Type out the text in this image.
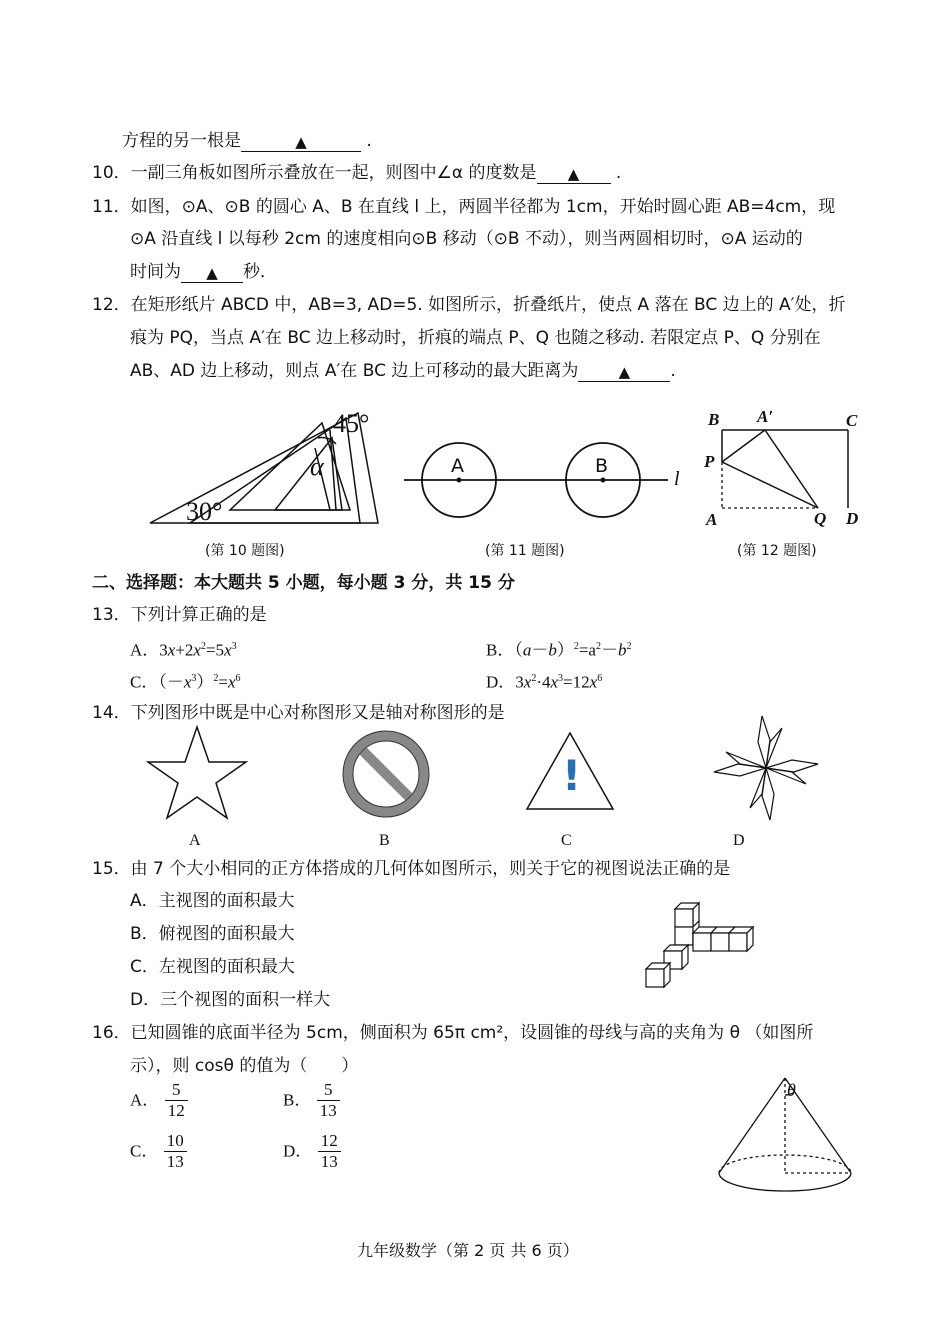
方程的另一根是	▲	.
10．一副三角板如图所示叠放在一起，则图中∠α 的度数是 ▲ .
11．如图，⊙A、⊙B 的圆心 A、B 在直线 l 上，两圆半径都为 1cm，开始时圆心距 AB=4cm，现
⊙A 沿直线 l 以每秒 2cm 的速度相向⊙B 移动（⊙B 不动），则当两圆相切时，⊙A 运动的
时间为 ▲ 秒．
12．在矩形纸片 ABCD 中，AB=3, AD=5. 如图所示，折叠纸片，使点 A 落在 BC 边上的 A′处，折
痕为 PQ，当点 A′在 BC 边上移动时，折痕的端点 P、Q 也随之移动. 若限定点 P、Q 分别在
AB、AD 边上移动，则点 A′在 BC 边上可移动的最大距离为	▲ .
45°
30°
α
(第 10 题图)
A	B
l
(第 11 题图)
B A′	C
P
A	Q D
(第 12 题图)
二、选择题：本大题共 5 小题，每小题 3 分，共 15 分
13．下列计算正确的是
A．$3x+2x^2=5x^3$	B．$(a-b)^2=a^2-b^2$
C．$(-x^3)^2=x^6$	D．$3x^2\cdot 4x^3=12x^6$
14．下列图形中既是中心对称图形又是轴对称图形的是
!
A	B	C	D
15．由 7 个大小相同的正方体搭成的几何体如图所示，则关于它的视图说法正确的是
A．主视图的面积最大
B．俯视图的面积最大
C．左视图的面积最大
D．三个视图的面积一样大
16．已知圆锥的底面半径为 5cm，侧面积为 65π cm²，设圆锥的母线与高的夹角为 θ （如图所
示），则 cosθ 的值为（　　）
A． $\frac{5}{12}$	B． $\frac{5}{13}$
C． $\frac{10}{13}$	D． $\frac{12}{13}$
θ
九年级数学（第 2 页 共 6 页）
